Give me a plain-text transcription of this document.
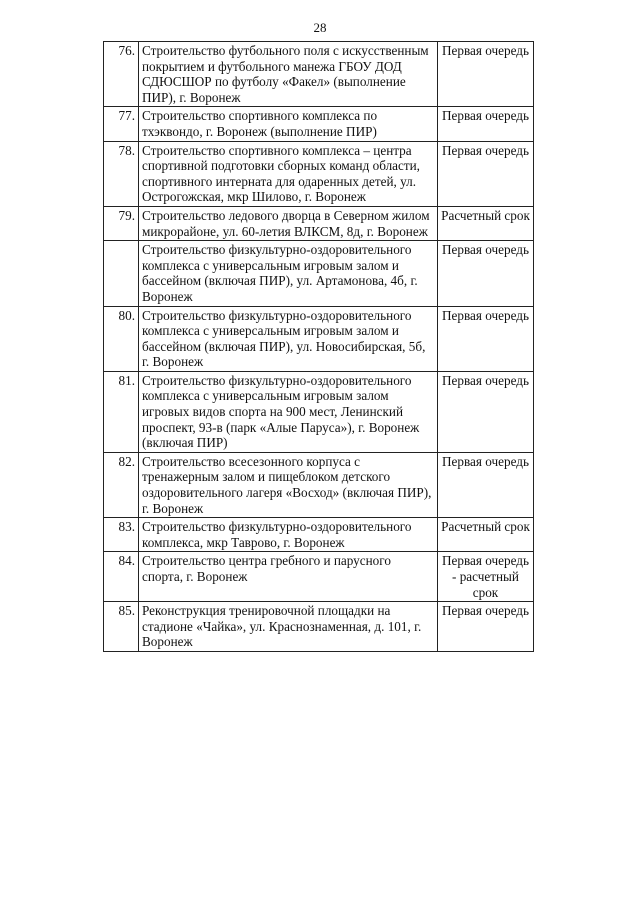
28
76.	Строительство футбольного поля с искусственным покрытием и футбольного манежа ГБОУ ДОД СДЮСШОР по футболу «Факел» (выполнение ПИР), г. Воронеж	Первая очередь
77.	Строительство спортивного комплекса по тхэквондо, г. Воронеж (выполнение ПИР)	Первая очередь
78.	Строительство спортивного комплекса – центра спортивной подготовки сборных команд области, спортивного интерната для одаренных детей, ул. Острогожская, мкр Шилово, г. Воронеж	Первая очередь
79.	Строительство ледового дворца в Северном жилом микрорайоне, ул. 60-летия ВЛКСМ, 8д, г. Воронеж	Расчетный срок
	Строительство физкультурно-оздоровительного комплекса с универсальным игровым залом и бассейном (включая ПИР), ул. Артамонова, 4б, г. Воронеж	Первая очередь
80.	Строительство физкультурно-оздоровительного комплекса с универсальным игровым залом и бассейном (включая ПИР), ул. Новосибирская, 5б, г. Воронеж	Первая очередь
81.	Строительство физкультурно-оздоровительного комплекса с универсальным игровым залом игровых видов спорта на 900 мест, Ленинский проспект, 93-в (парк «Алые Паруса»), г. Воронеж (включая ПИР)	Первая очередь
82.	Строительство всесезонного корпуса с тренажерным залом и пищеблоком детского оздоровительного лагеря «Восход» (включая ПИР), г. Воронеж	Первая очередь
83.	Строительство физкультурно-оздоровительного комплекса, мкр Таврово, г. Воронеж	Расчетный срок
84.	Строительство центра гребного и парусного спорта, г. Воронеж	Первая очередь - расчетный срок
85.	Реконструкция тренировочной площадки на стадионе «Чайка», ул. Краснознаменная, д. 101, г. Воронеж	Первая очередь
